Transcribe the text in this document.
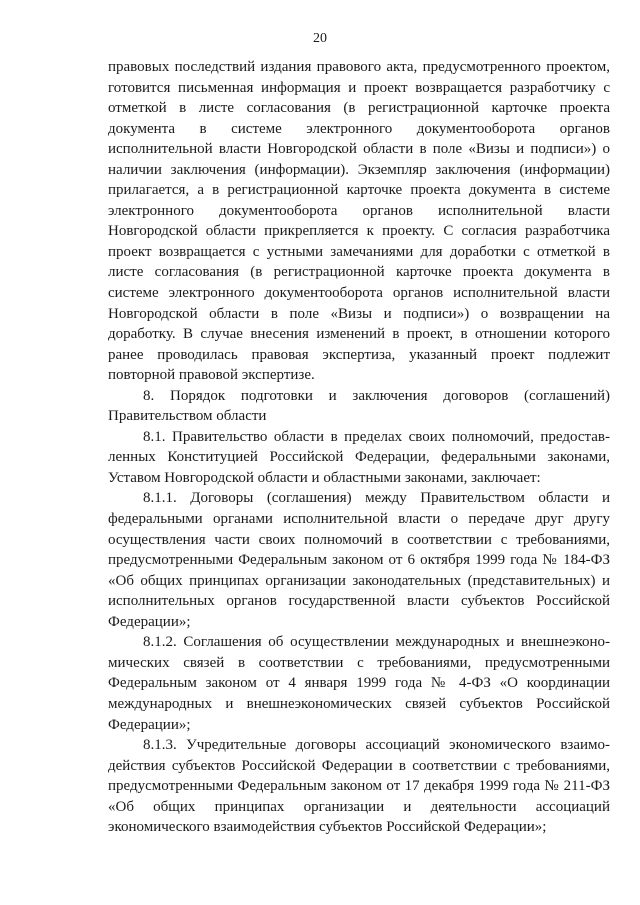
20
правовых последствий издания правового акта, предусмотренного проектом,
готовится письменная информация и проект возвращается разработчику с
отметкой в листе согласования (в регистрационной карточке проекта
документа в системе электронного документооборота органов
исполнительной власти Новгородской области в поле «Визы и подписи») о
наличии заключения (информации). Экземпляр заключения (информации)
прилагается, а в регистрационной карточке проекта документа в системе
электронного документооборота органов исполнительной власти
Новгородской области прикрепляется к проекту. С согласия разработчика
проект возвращается с устными замечаниями для доработки с отметкой в
листе согласования (в регистрационной карточке проекта документа в
системе электронного документооборота органов исполнительной власти
Новгородской области в поле «Визы и подписи») о возвращении на
доработку. В случае внесения изменений в проект, в отношении которого
ранее проводилась правовая экспертиза, указанный проект подлежит
повторной правовой экспертизе.
8. Порядок подготовки и заключения договоров (соглашений)
Правительством области
8.1. Правительство области в пределах своих полномочий, предостав-
ленных Конституцией Российской Федерации, федеральными законами,
Уставом Новгородской области и областными законами, заключает:
8.1.1. Договоры (соглашения) между Правительством области и
федеральными органами исполнительной власти о передаче друг другу
осуществления части своих полномочий в соответствии с требованиями,
предусмотренными Федеральным законом от 6 октября 1999 года № 184-ФЗ
«Об общих принципах организации законодательных (представительных) и
исполнительных органов государственной власти субъектов Российской
Федерации»;
8.1.2. Соглашения об осуществлении международных и внешнеэконо-
мических связей в соответствии с требованиями, предусмотренными
Федеральным законом от 4 января 1999 года № 4-ФЗ «О координации
международных и внешнеэкономических связей субъектов Российской
Федерации»;
8.1.3. Учредительные договоры ассоциаций экономического взаимо-
действия субъектов Российской Федерации в соответствии с требованиями,
предусмотренными Федеральным законом от 17 декабря 1999 года № 211-ФЗ
«Об общих принципах организации и деятельности ассоциаций
экономического взаимодействия субъектов Российской Федерации»;
